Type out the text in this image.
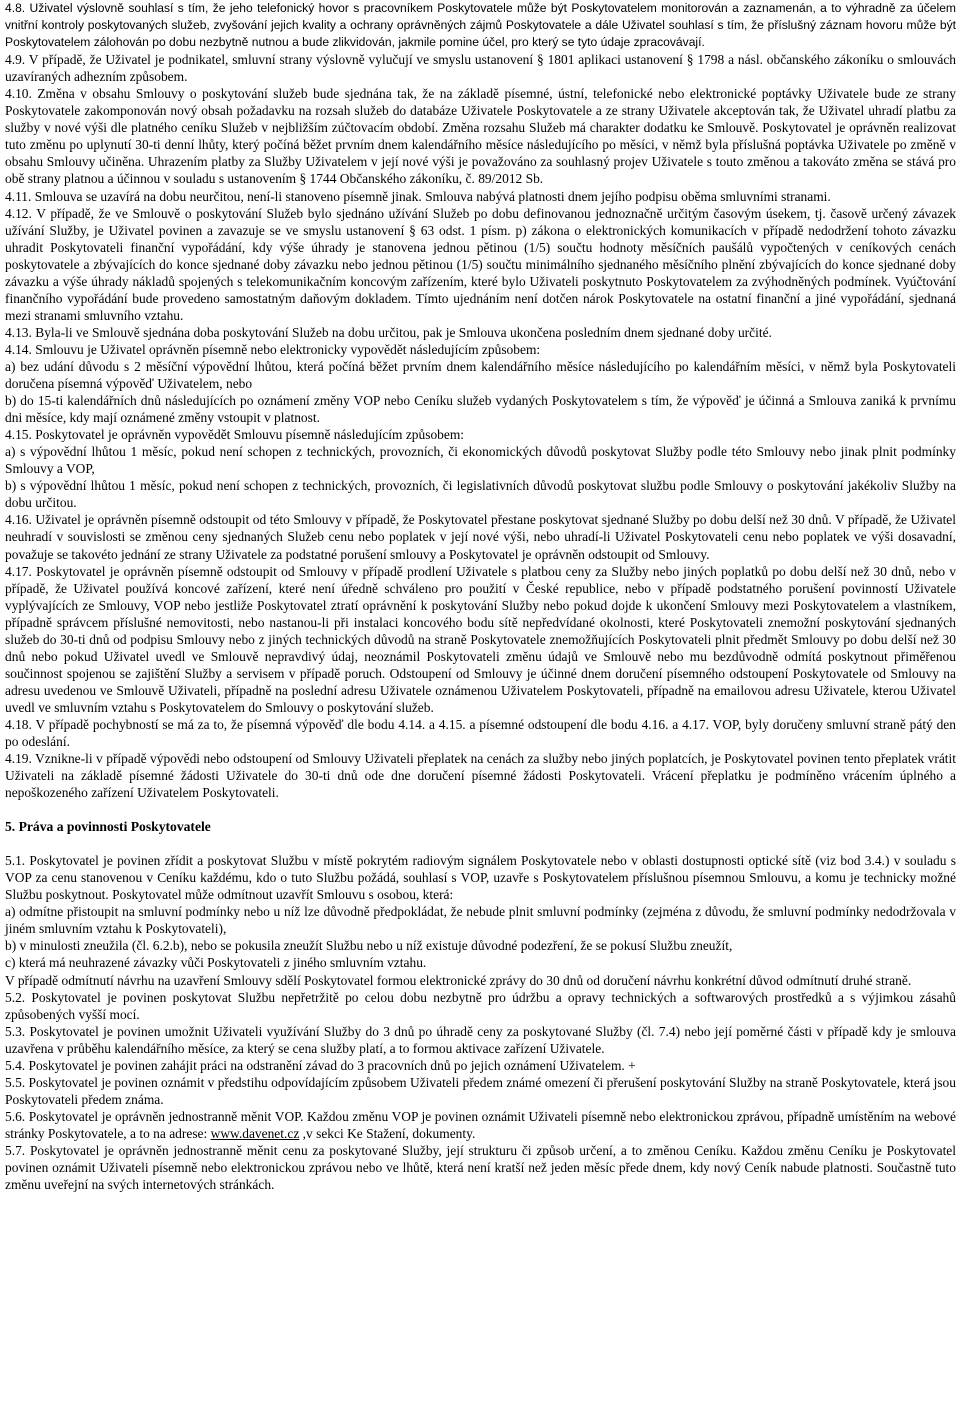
4.8. Uživatel výslovně souhlasí s tím, že jeho telefonický hovor s pracovníkem Poskytovatele může být Poskytovatelem monitorován a zaznamenán, a to výhradně za účelem vnitřní kontroly poskytovaných služeb, zvyšování jejich kvality a ochrany oprávněných zájmů Poskytovatele a dále Uživatel souhlasí s tím, že příslušný záznam hovoru může být Poskytovatelem zálohován po dobu nezbytně nutnou a bude zlikvidován, jakmile pomine účel, pro který se tyto údaje zpracovávají.

4.9. V případě, že Uživatel je podnikatel, smluvní strany výslovně vylučují ve smyslu ustanovení § 1801 aplikaci ustanovení § 1798 a násl. občanského zákoníku o smlouvách uzavíraných adhezním způsobem.

4.10. Změna v obsahu Smlouvy o poskytování služeb bude sjednána tak, že na základě písemné, ústní, telefonické nebo elektronické poptávky Uživatele bude ze strany Poskytovatele zakomponován nový obsah požadavku na rozsah služeb do databáze Uživatele Poskytovatele a ze strany Uživatele akceptován tak, že Uživatel uhradí platbu za služby v nové výši dle platného ceníku Služeb v nejbližším zúčtovacím období. Změna rozsahu Služeb má charakter dodatku ke Smlouvě. Poskytovatel je oprávněn realizovat tuto změnu po uplynutí 30-ti denní lhůty, který počíná běžet prvním dnem kalendářního měsíce následujícího po měsíci, v němž byla příslušná poptávka Uživatele po změně v obsahu Smlouvy učiněna. Uhrazením platby za Služby Uživatelem v její nové výši je považováno za souhlasný projev Uživatele s touto změnou a takováto změna se stává pro obě strany platnou a účinnou v souladu s ustanovením § 1744 Občanského zákoníku, č. 89/2012 Sb.

4.11. Smlouva se uzavírá na dobu neurčitou, není-li stanoveno písemně jinak. Smlouva nabývá platnosti dnem jejího podpisu oběma smluvními stranami.

4.12. V případě, že ve Smlouvě o poskytování Služeb bylo sjednáno užívání Služeb po dobu definovanou jednoznačně určitým časovým úsekem, tj. časově určený závazek užívání Služby, je Uživatel povinen a zavazuje se ve smyslu ustanovení § 63 odst. 1 písm. p) zákona o elektronických komunikacích v případě nedodržení tohoto závazku uhradit Poskytovateli finanční vypořádání, kdy výše úhrady je stanovena jednou pětinou (1/5) součtu hodnoty měsíčních paušálů vypočtených v ceníkových cenách poskytovatele a zbývajících do konce sjednané doby závazku nebo jednou pětinou (1/5) součtu minimálního sjednaného měsíčního plnění zbývajících do konce sjednané doby závazku a výše úhrady nákladů spojených s telekomunikačním koncovým zařízením, které bylo Uživateli poskytnuto Poskytovatelem za zvýhodněných podmínek. Vyúčtování finančního vypořádání bude provedeno samostatným daňovým dokladem. Tímto ujednáním není dotčen nárok Poskytovatele na ostatní finanční a jiné vypořádání, sjednaná mezi stranami smluvního vztahu.

4.13. Byla-li ve Smlouvě sjednána doba poskytování Služeb na dobu určitou, pak je Smlouva ukončena posledním dnem sjednané doby určité.

4.14. Smlouvu je Uživatel oprávněn písemně nebo elektronicky vypovědět následujícím způsobem:

a) bez udání důvodu s 2 měsíční výpovědní lhůtou, která počíná běžet prvním dnem kalendářního měsíce následujícího po kalendářním měsíci, v němž byla Poskytovateli doručena písemná výpověď Uživatelem, nebo

b) do 15-ti kalendářních dnů následujících po oznámení změny VOP nebo Ceníku služeb vydaných Poskytovatelem s tím, že výpověď je účinná a Smlouva zaniká k prvnímu dni měsíce, kdy mají oznámené změny vstoupit v platnost.

4.15. Poskytovatel je oprávněn vypovědět Smlouvu písemně následujícím způsobem:

a) s výpovědní lhůtou 1 měsíc, pokud není schopen z technických, provozních, či ekonomických důvodů poskytovat Služby podle této Smlouvy nebo jinak plnit podmínky Smlouvy a VOP,

b) s výpovědní lhůtou 1 měsíc, pokud není schopen z technických, provozních, či legislativních důvodů poskytovat službu podle Smlouvy o poskytování jakékoliv Služby na dobu určitou.

4.16. Uživatel je oprávněn písemně odstoupit od této Smlouvy v případě, že Poskytovatel přestane poskytovat sjednané Služby po dobu delší než 30 dnů. V případě, že Uživatel neuhradí v souvislosti se změnou ceny sjednaných Služeb cenu nebo poplatek v její nové výši, nebo uhradí-li Uživatel Poskytovateli cenu nebo poplatek ve výši dosavadní, považuje se takovéto jednání ze strany Uživatele za podstatné porušení smlouvy a Poskytovatel je oprávněn odstoupit od Smlouvy.

4.17. Poskytovatel je oprávněn písemně odstoupit od Smlouvy v případě prodlení Uživatele s platbou ceny za Služby nebo jiných poplatků po dobu delší než 30 dnů, nebo v případě, že Uživatel používá koncové zařízení, které není úředně schváleno pro použití v České republice, nebo v případě podstatného porušení povinností Uživatele vyplývajících ze Smlouvy, VOP nebo jestliže Poskytovatel ztratí oprávnění k poskytování Služby nebo pokud dojde k ukončení Smlouvy mezi Poskytovatelem a vlastníkem, případně správcem příslušné nemovitosti, nebo nastanou-li při instalaci koncového bodu sítě nepředvídané okolnosti, které Poskytovateli znemožní poskytování sjednaných služeb do 30-ti dnů od podpisu Smlouvy nebo z jiných technických důvodů na straně Poskytovatele znemožňujících Poskytovateli plnit předmět Smlouvy po dobu delší než 30 dnů nebo pokud Uživatel uvedl ve Smlouvě nepravdivý údaj, neoznámil Poskytovateli změnu údajů ve Smlouvě nebo mu bezdůvodně odmítá poskytnout přiměřenou součinnost spojenou se zajištění Služby a servisem v případě poruch. Odstoupení od Smlouvy je účinné dnem doručení písemného odstoupení Poskytovatele od Smlouvy na adresu uvedenou ve Smlouvě Uživateli, případně na poslední adresu Uživatele oznámenou Uživatelem Poskytovateli, případně na emailovou adresu Uživatele, kterou Uživatel uvedl ve smluvním vztahu s Poskytovatelem do Smlouvy o poskytování služeb.

4.18. V případě pochybností se má za to, že písemná výpověď dle bodu 4.14. a 4.15. a písemné odstoupení dle bodu 4.16. a 4.17. VOP, byly doručeny smluvní straně pátý den po odeslání.

4.19. Vznikne-li v případě výpovědi nebo odstoupení od Smlouvy Uživateli přeplatek na cenách za služby nebo jiných poplatcích, je Poskytovatel povinen tento přeplatek vrátit Uživateli na základě písemné žádosti Uživatele do 30-ti dnů ode dne doručení písemné žádosti Poskytovateli. Vrácení přeplatku je podmíněno vrácením úplného a nepoškozeného zařízení Uživatelem Poskytovateli.

5. Práva a povinnosti Poskytovatele

5.1. Poskytovatel je povinen zřídit a poskytovat Službu v místě pokrytém radiovým signálem Poskytovatele nebo v oblasti dostupnosti optické sítě (viz bod 3.4.) v souladu s VOP za cenu stanovenou v Ceníku každému, kdo o tuto Službu požádá, souhlasí s VOP, uzavře s Poskytovatelem příslušnou písemnou Smlouvu, a komu je technicky možné Službu poskytnout. Poskytovatel může odmítnout uzavřít Smlouvu s osobou, která:

a) odmítne přistoupit na smluvní podmínky nebo u níž lze důvodně předpokládat, že nebude plnit smluvní podmínky (zejména z důvodu, že smluvní podmínky nedodržovala v jiném smluvním vztahu k Poskytovateli),

b) v minulosti zneužila (čl. 6.2.b), nebo se pokusila zneužít Službu nebo u níž existuje důvodné podezření, že se pokusí Službu zneužít,

c) která má neuhrazené závazky vůči Poskytovateli z jiného smluvním vztahu.

V případě odmítnutí návrhu na uzavření Smlouvy sdělí Poskytovatel formou elektronické zprávy do 30 dnů od doručení návrhu konkrétní důvod odmítnutí druhé straně.

5.2. Poskytovatel je povinen poskytovat Službu nepřetržitě po celou dobu nezbytně pro údržbu a opravy technických a softwarových prostředků a s výjimkou zásahů způsobených vyšší mocí.

5.3. Poskytovatel je povinen umožnit Uživateli využívání Služby do 3 dnů po úhradě ceny za poskytované Služby (čl. 7.4) nebo její poměrné části v případě kdy je smlouva uzavřena v průběhu kalendářního měsíce, za který se cena služby platí, a to formou aktivace zařízení Uživatele.

5.4. Poskytovatel je povinen zahájit práci na odstranění závad do 3 pracovních dnů po jejich oznámení Uživatelem. +

5.5. Poskytovatel je povinen oznámit v předstihu odpovídajícím způsobem Uživateli předem známé omezení či přerušení poskytování Služby na straně Poskytovatele, která jsou Poskytovateli předem známa.

5.6. Poskytovatel je oprávněn jednostranně měnit VOP. Každou změnu VOP je povinen oznámit Uživateli písemně nebo elektronickou zprávou, případně umístěním na webové stránky Poskytovatele, a to na adrese: www.davenet.cz ,v sekci Ke Stažení, dokumenty.

5.7. Poskytovatel je oprávněn jednostranně měnit cenu za poskytované Služby, její strukturu či způsob určení, a to změnou Ceníku. Každou změnu Ceníku je Poskytovatel povinen oznámit Uživateli písemně nebo elektronickou zprávou nebo ve lhůtě, která není kratší než jeden měsíc přede dnem, kdy nový Ceník nabude platnosti. Součastně tuto změnu uveřejní na svých internetových stránkách.
